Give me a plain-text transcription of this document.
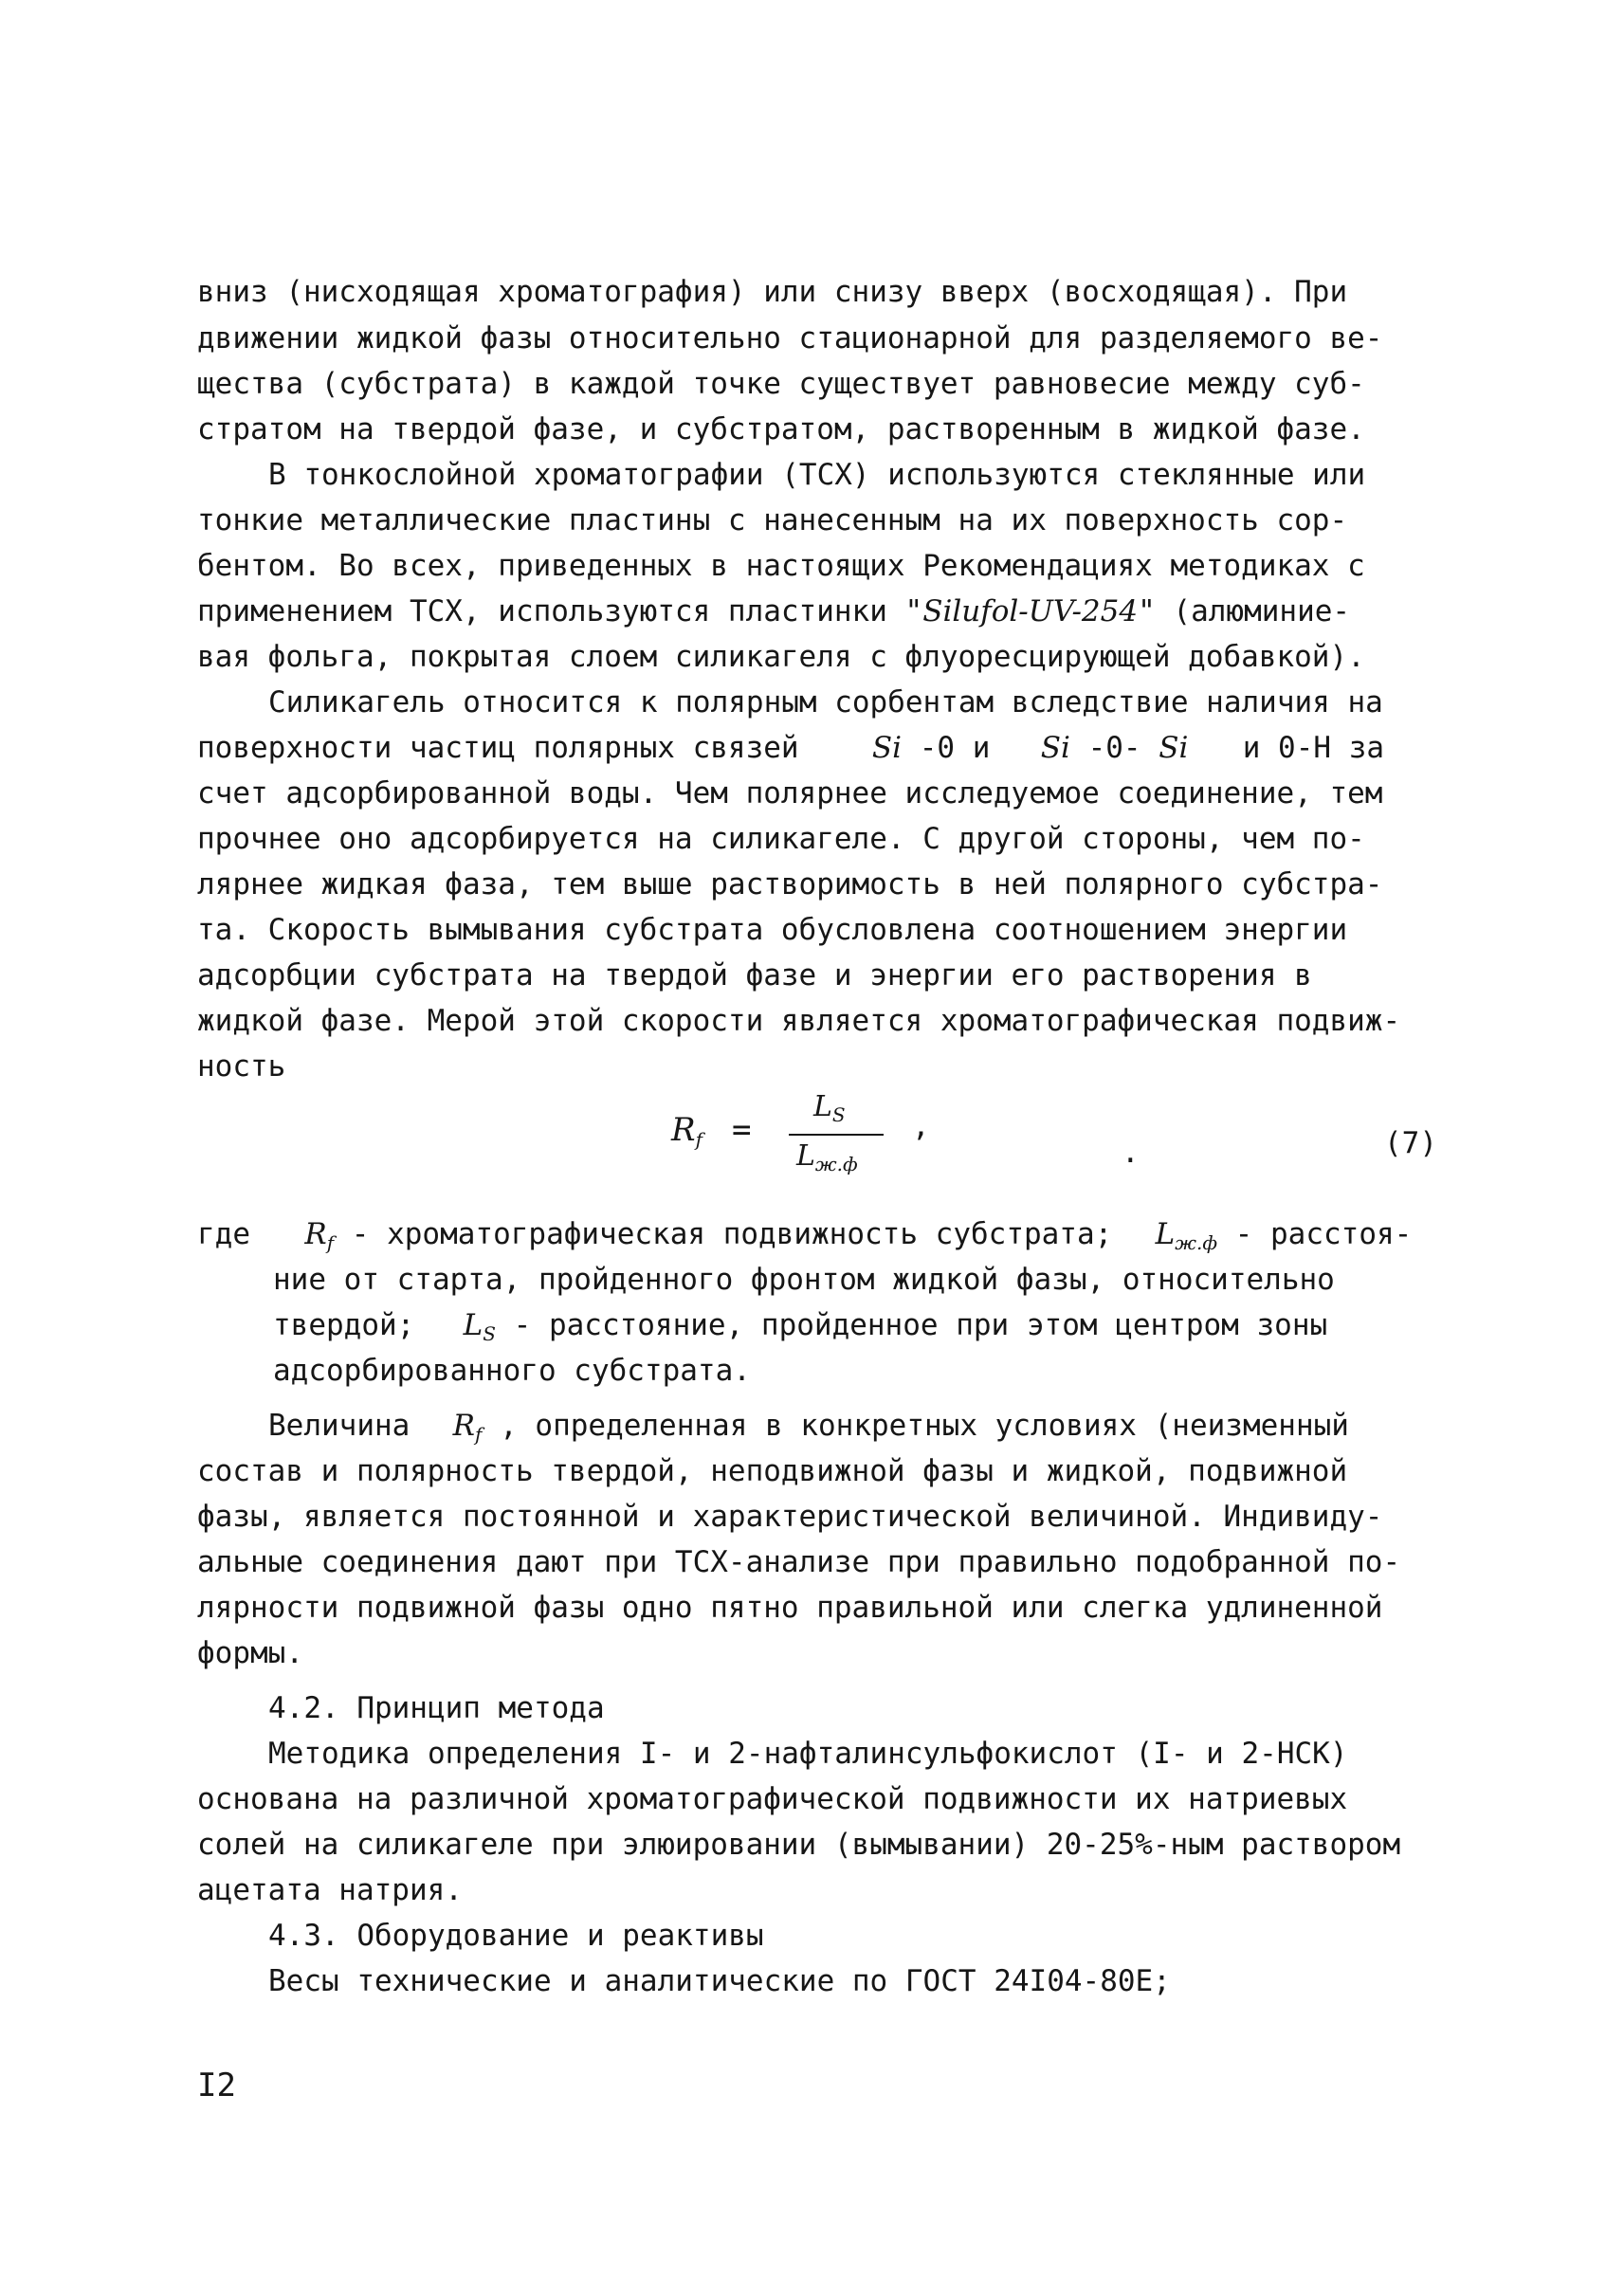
вниз (нисходящая хроматография) или снизу вверх (восходящая). При
движении жидкой фазы относительно стационарной для разделяемого ве-
щества (субстрата) в каждой точке существует равновесие между суб-
стратом на твердой фазе, и субстратом, растворенным в жидкой фазе.
В тонкослойной хроматографии (ТСХ) используются стеклянные или
тонкие металлические пластины с нанесенным на их поверхность сор-
бентом. Во всех, приведенных в настоящих Рекомендациях методиках с
применением ТСХ, используются пластинки "Silufol-UV-254" (алюминие-
вая фольга, покрытая слоем силикагеля с флуоресцирующей добавкой).
Силикагель относится к полярным сорбентам вследствие наличия на
поверхности частиц полярных связей Si -0 и Si -0- Si и 0-Н за
счет адсорбированной воды. Чем полярнее исследуемое соединение, тем
прочнее оно адсорбируется на силикагеле. С другой стороны, чем по-
лярнее жидкая фаза, тем выше растворимость в ней полярного субстра-
та. Скорость вымывания субстрата обусловлена соотношением энергии
адсорбции субстрата на твердой фазе и энергии его растворения в
жидкой фазе. Мерой этой скорости является хроматографическая подвиж-
ность
$R_f$ =
$L_S$
$L_{ж.ф}$
,
.	(7)
где $R_f$ - хроматографическая подвижность субстрата; $L_{ж.ф}$ - расстоя-
ние от старта, пройденного фронтом жидкой фазы, относительно
твердой; $L_S$ - расстояние, пройденное при этом центром зоны
адсорбированного субстрата.
Величина $R_f$ , определенная в конкретных условиях (неизменный
состав и полярность твердой, неподвижной фазы и жидкой, подвижной
фазы, является постоянной и характеристической величиной. Индивиду-
альные соединения дают при ТСХ-анализе при правильно подобранной по-
лярности подвижной фазы одно пятно правильной или слегка удлиненной
формы.
4.2. Принцип метода
Методика определения I- и 2-нафталинсульфокислот (I- и 2-НСК)
основана на различной хроматографической подвижности их натриевых
солей на силикагеле при элюировании (вымывании) 20-25%-ным раствором
ацетата натрия.
4.3. Оборудование и реактивы
Весы технические и аналитические по ГОСТ 24I04-80Е;
I2
